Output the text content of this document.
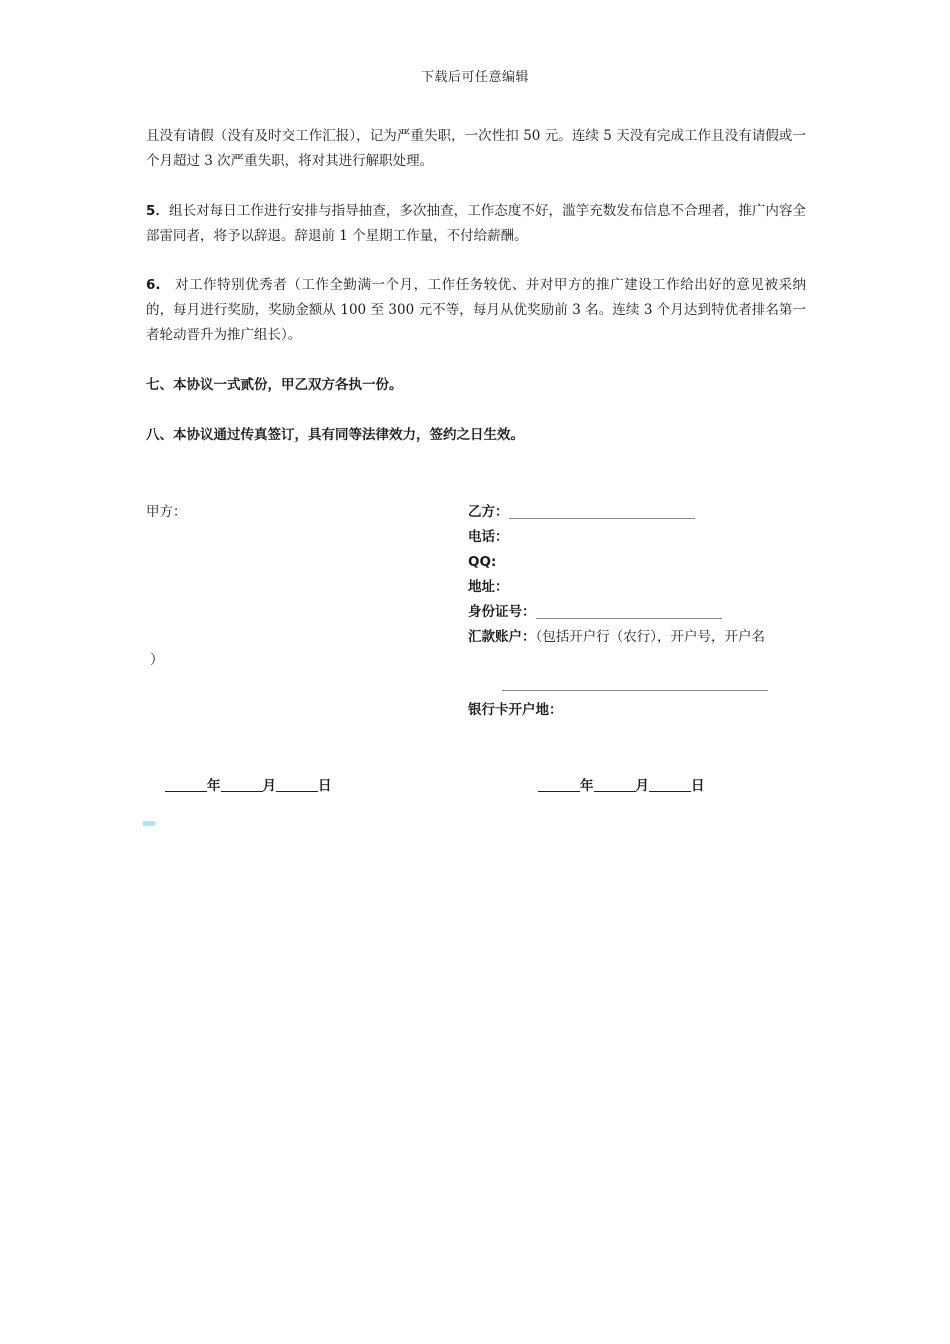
下载后可任意编辑
且没有请假（没有及时交工作汇报），记为严重失职，一次性扣 50 元。连续 5 天没有完成工作且没有请假或一个月超过 3 次严重失职，将对其进行解职处理。
5．组长对每日工作进行安排与指导抽查，多次抽查，工作态度不好，滥竽充数发布信息不合理者，推广内容全部雷同者，将予以辞退。辞退前 1 个星期工作量，不付给薪酬。
6. 对工作特别优秀者（工作全勤满一个月，工作任务较优、并对甲方的推广建设工作给出好的意见被采纳的，每月进行奖励，奖励金额从 100 至 300 元不等，每月从优奖励前 3 名。连续 3 个月达到特优者排名第一者轮动晋升为推广组长）。
七、本协议一式贰份，甲乙双方各执一份。
八、本协议通过传真签订，具有同等法律效力，签约之日生效。
甲方：	乙方：
电话：
QQ:
地址：
身份证号：
汇款账户：（包括开户行（农行），开户号，开户名
）
银行卡开户地：
年	月	日	年	月	日
